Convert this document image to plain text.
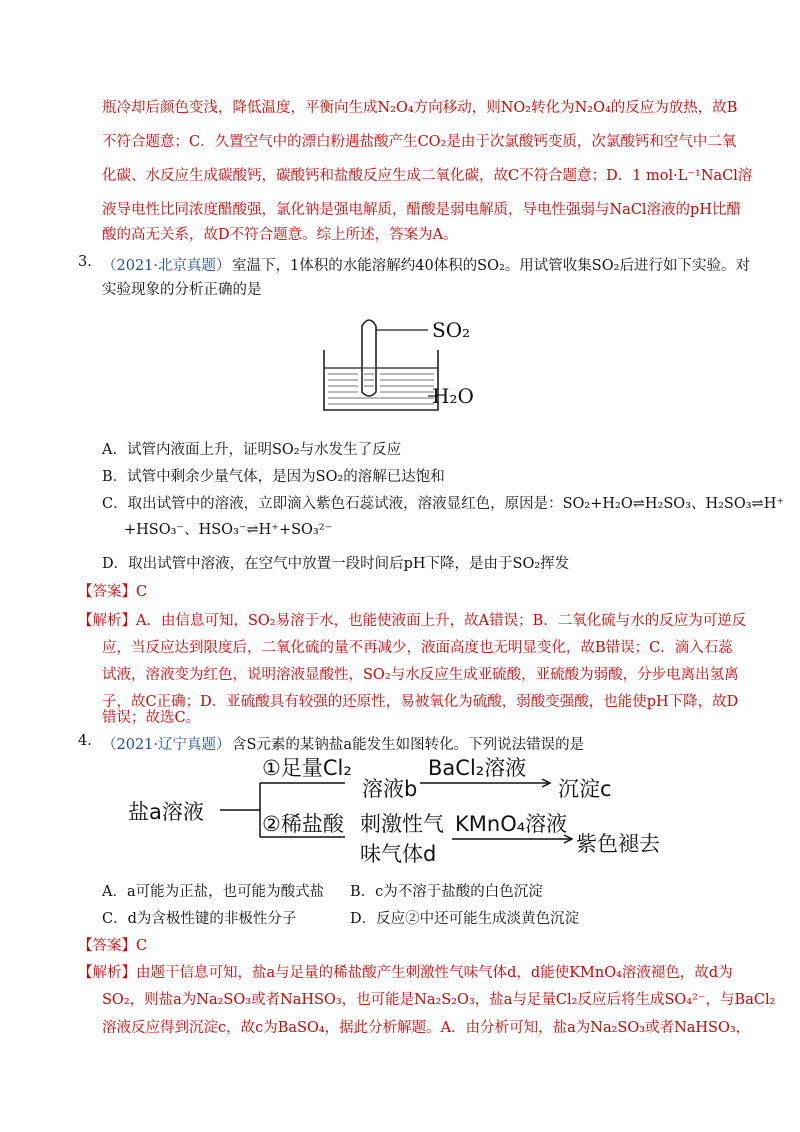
瓶冷却后颜色变浅，降低温度，平衡向生成N₂O₄方向移动，则NO₂转化为N₂O₄的反应为放热，故B
不符合题意；C．久置空气中的漂白粉遇盐酸产生CO₂是由于次氯酸钙变质，次氯酸钙和空气中二氧
化碳、水反应生成碳酸钙，碳酸钙和盐酸反应生成二氧化碳，故C不符合题意；D．1 mol·L⁻¹NaCl溶
液导电性比同浓度醋酸强，氯化钠是强电解质，醋酸是弱电解质，导电性强弱与NaCl溶液的pH比醋
酸的高无关系，故D不符合题意。综上所述，答案为A。
3. （2021·北京真题） 室温下，1体积的水能溶解约40体积的SO₂。用试管收集SO₂后进行如下实验。对
实验现象的分析正确的是
SO₂
H₂O
A．试管内液面上升，证明SO₂与水发生了反应
B．试管中剩余少量气体，是因为SO₂的溶解已达饱和
C．取出试管中的溶液，立即滴入紫色石蕊试液，溶液显红色，原因是：SO₂+H₂O⇌H₂SO₃、H₂SO₃⇌H⁺
+HSO₃⁻、HSO₃⁻⇌H⁺+SO₃²⁻
D．取出试管中溶液，在空气中放置一段时间后pH下降，是由于SO₂挥发
【答案】C
【解析】A．由信息可知，SO₂易溶于水，也能使液面上升，故A错误；B．二氧化硫与水的反应为可逆反
应，当反应达到限度后，二氧化硫的量不再减少，液面高度也无明显变化，故B错误；C．滴入石蕊
试液，溶液变为红色，说明溶液显酸性，SO₂与水反应生成亚硫酸，亚硫酸为弱酸，分步电离出氢离
子，故C正确；D．亚硫酸具有较强的还原性，易被氧化为硫酸，弱酸变强酸，也能使pH下降，故D
错误；故选C。
4. （2021·辽宁真题） 含S元素的某钠盐a能发生如图转化。下列说法错误的是
盐a溶液
①足量Cl₂
溶液b
BaCl₂溶液
沉淀c
②稀盐酸 刺激性气
味气体d
KMnO₄溶液
紫色褪去
A．a可能为正盐，也可能为酸式盐 B．c为不溶于盐酸的白色沉淀
C．d为含极性键的非极性分子	D．反应②中还可能生成淡黄色沉淀
【答案】C
【解析】由题干信息可知，盐a与足量的稀盐酸产生刺激性气味气体d，d能使KMnO₄溶液褪色，故d为
SO₂，则盐a为Na₂SO₃或者NaHSO₃，也可能是Na₂S₂O₃，盐a与足量Cl₂反应后将生成SO₄²⁻，与BaCl₂
溶液反应得到沉淀c，故c为BaSO₄，据此分析解题。A．由分析可知，盐a为Na₂SO₃或者NaHSO₃，
